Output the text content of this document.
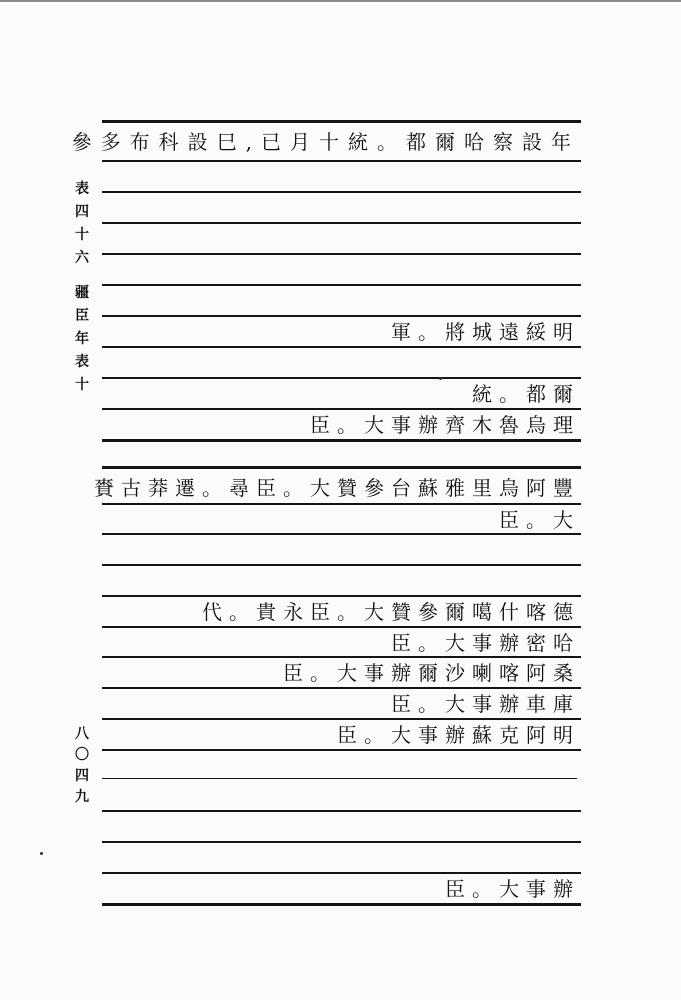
表
四
十
六
疆
臣
年
表
十
八
〇
四
九
參多布科設巳,已月十統。都爾哈察設年
軍。將城遠綏明
統。都爾
臣。大事辦齊木魯烏理
賚古莽遷。尋臣。大贊參台蘇雅里烏阿豐
臣。大
代。貴永臣。大贊參爾噶什喀德
臣。大事辦密哈
臣。大事辦爾沙喇喀阿桑
臣。大事辦車庫
臣。大事辦蘇克阿明
臣。大事辦
